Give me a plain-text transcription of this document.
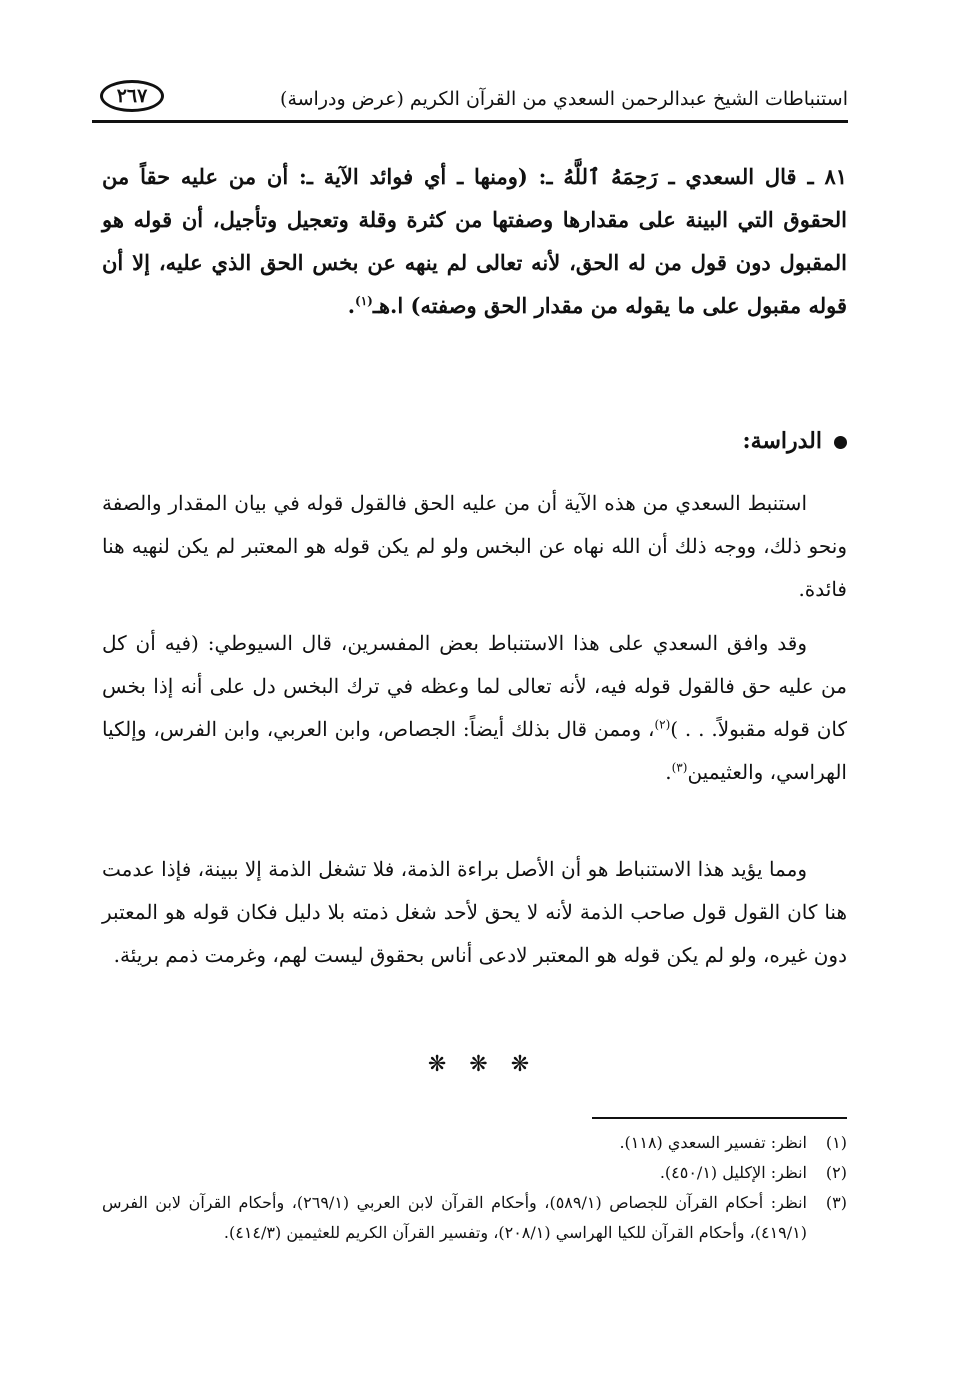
استنباطات الشيخ عبدالرحمن السعدي من القرآن الكريم (عرض ودراسة)
٢٦٧
٨١ ـ قال السعدي ـ رَحِمَهُ ٱللَّهُ ـ: (ومنها ـ أي فوائد الآية ـ: أن من عليه حقاً من الحقوق التي البينة على مقدارها وصفتها من كثرة وقلة وتعجيل وتأجيل، أن قوله هو المقبول دون قول من له الحق، لأنه تعالى لم ينهه عن بخس الحق الذي عليه، إلا أن قوله مقبول على ما يقوله من مقدار الحق وصفته) ا.هـ$^{(١)}$.
الدراسة:

استنبط السعدي من هذه الآية أن من عليه الحق فالقول قوله في بيان المقدار والصفة ونحو ذلك، ووجه ذلك أن الله نهاه عن البخس ولو لم يكن قوله هو المعتبر لم يكن لنهيه هنا فائدة.

وقد وافق السعدي على هذا الاستنباط بعض المفسرين، قال السيوطي: (فيه أن كل من عليه حق فالقول قوله فيه، لأنه تعالى لما وعظه في ترك البخس دل على أنه إذا بخس كان قوله مقبولاً. . . )$^{(٢)}$، وممن قال بذلك أيضاً: الجصاص، وابن العربي، وابن الفرس، وإلكيا الهراسي، والعثيمين$^{(٣)}$.

ومما يؤيد هذا الاستنباط هو أن الأصل براءة الذمة، فلا تشغل الذمة إلا ببينة، فإذا عدمت هنا كان القول قول صاحب الذمة لأنه لا يحق لأحد شغل ذمته بلا دليل فكان قوله هو المعتبر دون غيره، ولو لم يكن قوله هو المعتبر لادعى أناس بحقوق ليست لهم، وغرمت ذمم بريئة.

❋ ❋ ❋
(١)
انظر: تفسير السعدي (١١٨).
(٢)
انظر: الإكليل (٤٥٠/١).
(٣)
انظر: أحكام القرآن للجصاص (٥٨٩/١)، وأحكام القرآن لابن العربي (٢٦٩/١)، وأحكام القرآن لابن الفرس (٤١٩/١)، وأحكام القرآن للكيا الهراسي (٢٠٨/١)، وتفسير القرآن الكريم للعثيمين (٤١٤/٣).
